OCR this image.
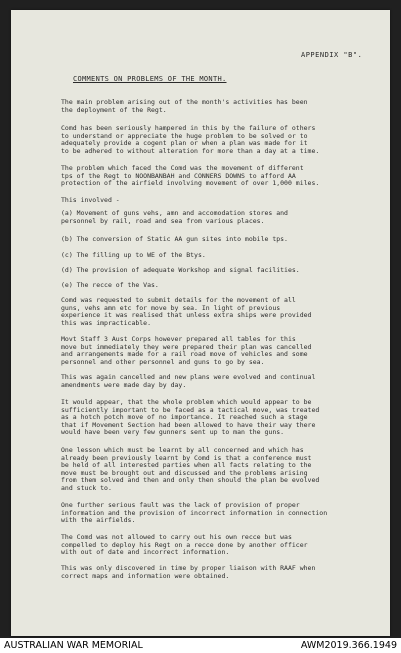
APPENDIX "B".
COMMENTS ON PROBLEMS OF THE MONTH.
The main problem arising out of the month's activities has been
the deployment of the Regt.
Comd has been seriously hampered in this by the failure of others
to understand or appreciate the huge problem to be solved or to
adequately provide a cogent plan or when a plan was made for it
to be adhered to without alteration for more than a day at a time.
The problem which faced the Comd was the movement of different
tps of the Regt to NOONBANBAH and CONNERS DOWNS to afford AA
protection of the airfield involving movement of over 1,000 miles.
This involved -
(a) Movement of guns vehs, amn and accomodation stores and
personnel by rail, road and sea from various places.
(b) The conversion of Static AA gun sites into mobile tps.
(c) The filling up to WE of the Btys.
(d) The provision of adequate Workshop and signal facilities.
(e) The recce of the Vas.
Comd was requested to submit details for the movement of all
guns, vehs amn etc for move by sea. In light of previous
experience it was realised that unless extra ships were provided
this was impracticable.
Movt Staff 3 Aust Corps however prepared all tables for this
move but immediately they were prepared their plan was cancelled
and arrangements made for a rail road move of vehicles and some
personnel and other personnel and guns to go by sea.
This was again cancelled and new plans were evolved and continual
amendments were made day by day.
It would appear, that the whole problem which would appear to be
sufficiently important to be faced as a tactical move, was treated
as a hotch potch move of no importance. It reached such a stage
that if Movement Section had been allowed to have their way there
would have been very few gunners sent up to man the guns.
One lesson which must be learnt by all concerned and which has
already been previously learnt by Comd is that a conference must
be held of all interested parties when all facts relating to the
move must be brought out and discussed and the problems arising
from them solved and then and only then should the plan be evolved
and stuck to.
One further serious fault was the lack of provision of proper
information and the provision of incorrect information in connection
with the airfields.
The Comd was not allowed to carry out his own recce but was
compelled to deploy his Regt on a recce done by another officer
with out of date and incorrect information.
This was only discovered in time by proper liaison with RAAF when
correct maps and information were obtained.
AUSTRALIAN WAR MEMORIAL	AWM2019.366.1949
